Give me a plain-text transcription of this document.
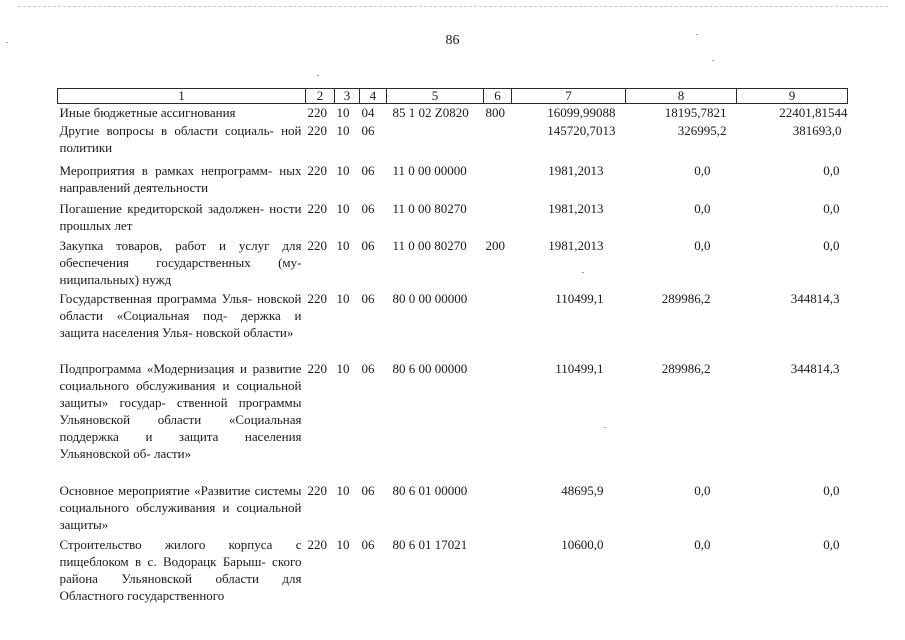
86
1	2	3	4	5	6	7	8	9
Иные бюджетные ассигнования	220	10	04	85 1 02 Z0820	800	16099,99088	18195,7821	22401,81544
Другие вопросы в области социаль- ной политики	220	10	06			145720,7013	326995,2	381693,0
Мероприятия в рамках непрограмм- ных направлений деятельности	220	10	06	11 0 00 00000		1981,2013	0,0	0,0
Погашение кредиторской задолжен- ности прошлых лет	220	10	06	11 0 00 80270		1981,2013	0,0	0,0
Закупка товаров, работ и услуг для обеспечения государственных (му- ниципальных) нужд	220	10	06	11 0 00 80270	200	1981,2013	0,0	0,0
Государственная программа Улья- новской области «Социальная под- держка и защита населения Улья- новской области»	220	10	06	80 0 00 00000		110499,1	289986,2	344814,3
Подпрограмма «Модернизация и развитие социального обслуживания и социальной защиты» государ- ственной программы Ульяновской области «Социальная поддержка и защита населения Ульяновской об- ласти»	220	10	06	80 6 00 00000		110499,1	289986,2	344814,3
Основное мероприятие «Развитие системы социального обслуживания и социальной защиты»	220	10	06	80 6 01 00000		48695,9	0,0	0,0
Строительство жилого корпуса с пищеблоком в с. Водорацк Барыш- ского района Ульяновской области для Областного государственного	220	10	06	80 6 01 17021		10600,0	0,0	0,0
